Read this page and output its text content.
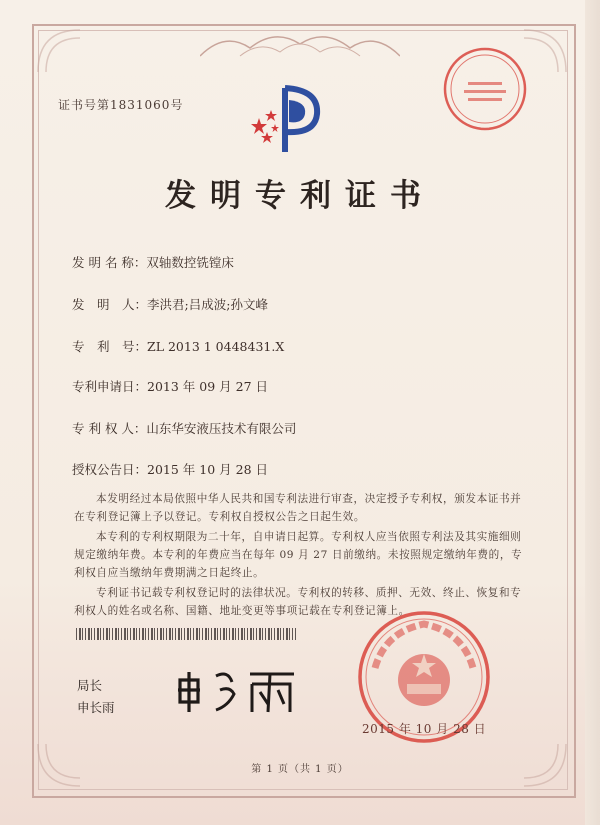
证书号第1831060号
发明专利证书
发 明 名 称：双轴数控铣镗床
发　明　人：李洪君;吕成波;孙文峰
专　利　号：ZL 2013 1 0448431.X
专利申请日：2013 年 09 月 27 日
专 利 权 人：山东华安液压技术有限公司
授权公告日：2015 年 10 月 28 日
本发明经过本局依照中华人民共和国专利法进行审查，决定授予专利权，颁发本证书并在专利登记簿上予以登记。专利权自授权公告之日起生效。
本专利的专利权期限为二十年，自申请日起算。专利权人应当依照专利法及其实施细则规定缴纳年费。本专利的年费应当在每年 09 月 27 日前缴纳。未按照规定缴纳年费的，专利权自应当缴纳年费期满之日起终止。
专利证书记载专利权登记时的法律状况。专利权的转移、质押、无效、终止、恢复和专利权人的姓名或名称、国籍、地址变更等事项记载在专利登记簿上。
局长
申长雨
2015 年 10 月 28 日
第 1 页（共 1 页）
